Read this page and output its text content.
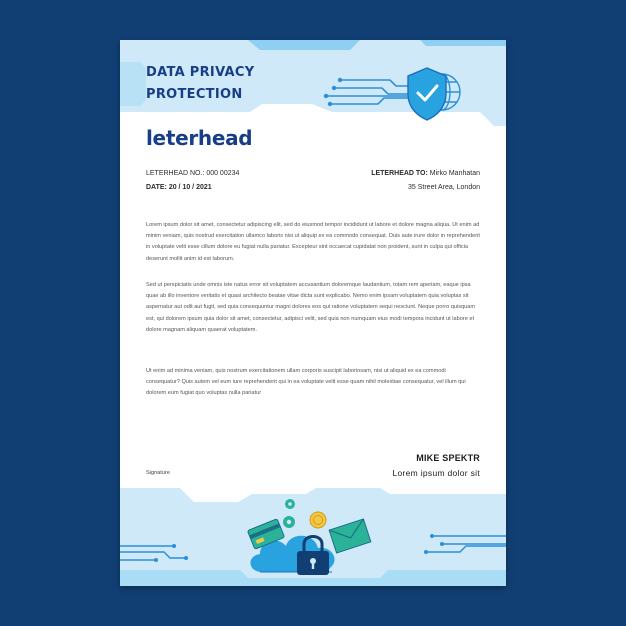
DATA PRIVACY
PROTECTION
leterhead
LETERHEAD NO.: 000 00234
DATE: 20 / 10 / 2021
LETERHEAD TO: Mirko Manhatan
35 Street Area, London

Lorem ipsum dolor sit amet, consectetur adipiscing elit, sed do eiusmod tempor incididunt ut labore et dolore magna aliqua. Ut enim ad minim veniam, quis nostrud exercitation ullamco laboris nisi ut aliquip ex ea commodo consequat. Duis aute irure dolor in reprehenderit in voluptate velit esse cillum dolore eu fugiat nulla pariatur. Excepteur sint occaecat cupidatat non proident, sunt in culpa qui officia deserunt mollit anim id est laborum.

Sed ut perspiciatis unde omnis iste natus error sit voluptatem accusantium doloremque laudantium, totam rem aperiam, eaque ipsa quae ab illo inventore veritatis et quasi architecto beatae vitae dicta sunt explicabo. Nemo enim ipsam voluptatem quia voluptas sit aspernatur aut odit aut fugit, sed quia consequuntur magni dolores eos qui ratione voluptatem sequi nesciunt. Neque porro quisquam est, qui dolorem ipsum quia dolor sit amet, consectetur, adipisci velit, sed quia non numquam eius modi tempora incidunt ut labore et dolore magnam aliquam quaerat voluptatem.

Ut enim ad minima veniam, quis nostrum exercitationem ullam corporis suscipit laboriosam, nisi ut aliquid ex ea commodi consequatur? Quis autem vel eum iure reprehenderit qui in ea voluptate velit esse quam nihil molestiae consequatur, vel illum qui dolorem eum fugiat quo voluptas nulla pariatur

MIKE SPEKTR
Lorem ipsum dolor sit
Signature
